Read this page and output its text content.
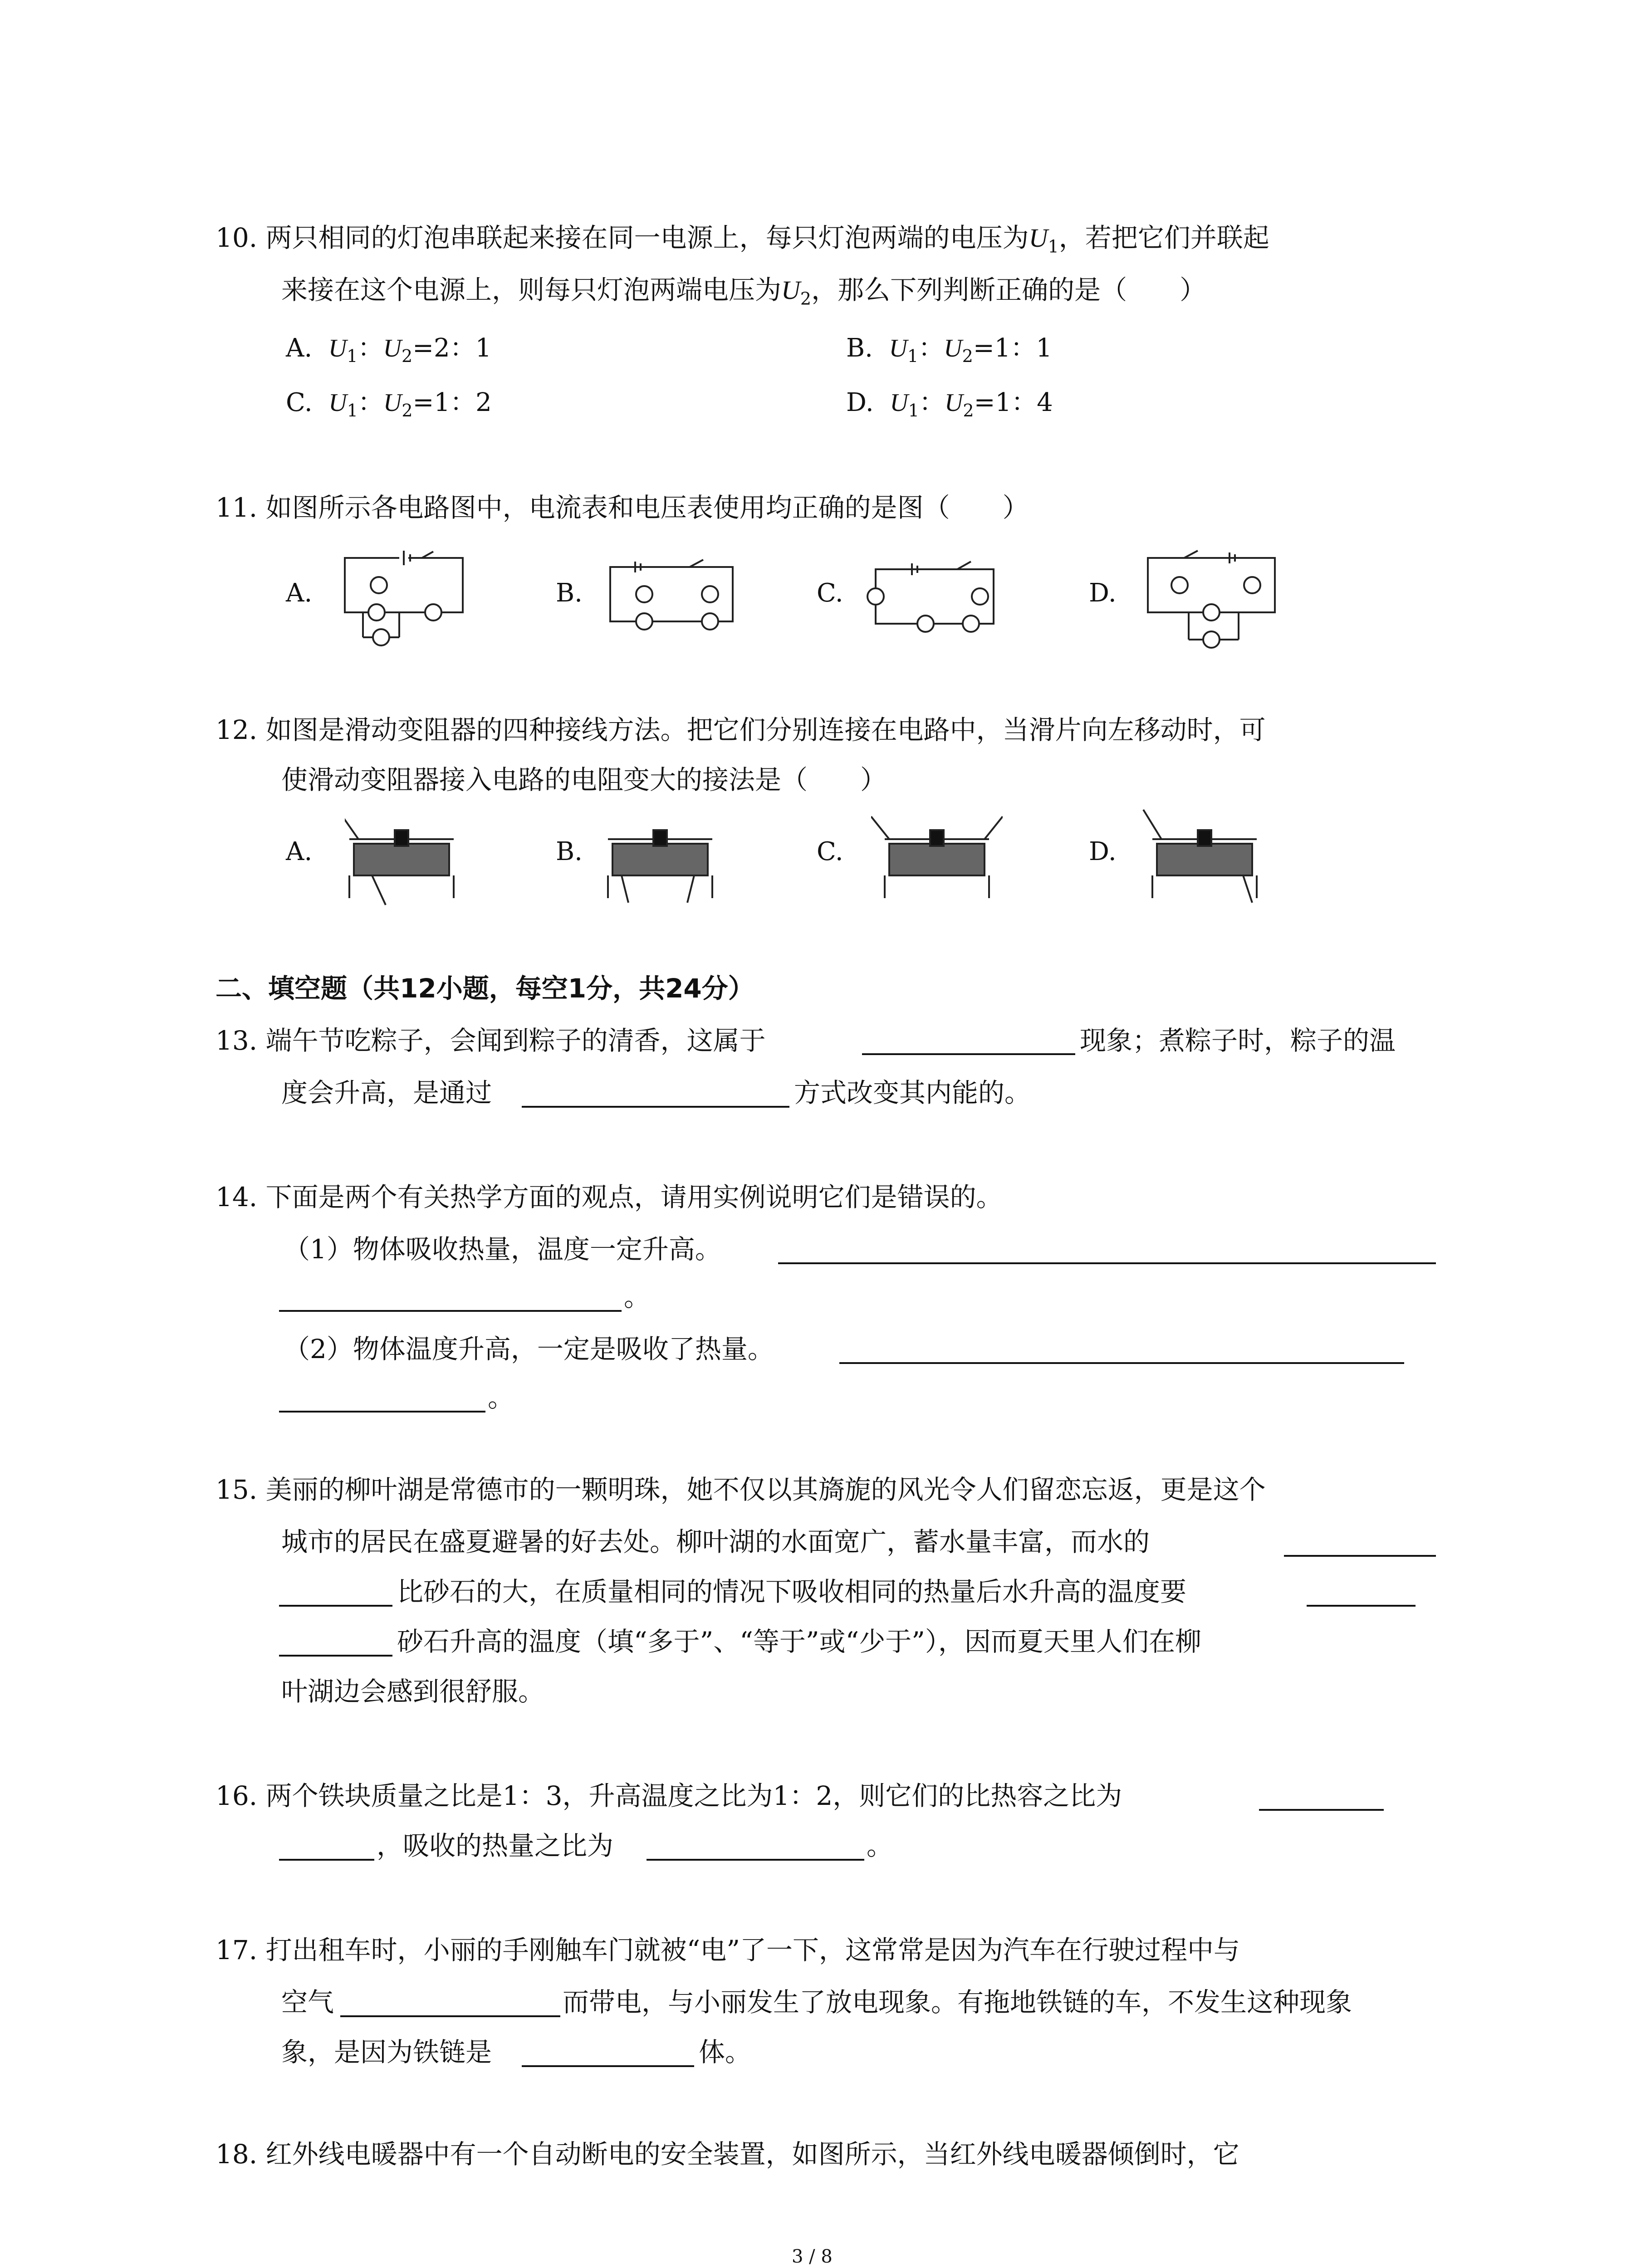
10. 两只相同的灯泡串联起来接在同一电源上，每只灯泡两端的电压为$U_1$，若把它们并联起
来接在这个电源上，则每只灯泡两端电压为$U_2$，那么下列判断正确的是（　　）
A.  $U_1$：$U_2=2$：1	B.  $U_1$：$U_2=1$：1
C.  $U_1$：$U_2=1$：2	D.  $U_1$：$U_2=1$：4
11. 如图所示各电路图中，电流表和电压表使用均正确的是图（　　）
A.	B.	C.	D.
12. 如图是滑动变阻器的四种接线方法。把它们分别连接在电路中，当滑片向左移动时，可
使滑动变阻器接入电路的电阻变大的接法是（　　）
A.	B.	C.	D.
二、填空题（共12小题，每空1分，共24分）
13. 端午节吃粽子，会闻到粽子的清香，这属于	现象；煮粽子时，粽子的温
度会升高，是通过	方式改变其内能的。
14. 下面是两个有关热学方面的观点，请用实例说明它们是错误的。
（1）物体吸收热量，温度一定升高。
。
（2）物体温度升高，一定是吸收了热量。
。
15. 美丽的柳叶湖是常德市的一颗明珠，她不仅以其旖旎的风光令人们留恋忘返，更是这个
城市的居民在盛夏避暑的好去处。柳叶湖的水面宽广，蓄水量丰富，而水的
比砂石的大，在质量相同的情况下吸收相同的热量后水升高的温度要
砂石升高的温度（填“多于”、“等于”或“少于”），因而夏天里人们在柳
叶湖边会感到很舒服。
16. 两个铁块质量之比是1：3，升高温度之比为1：2，则它们的比热容之比为
，吸收的热量之比为	。
17. 打出租车时，小丽的手刚触车门就被“电”了一下，这常常是因为汽车在行驶过程中与
空气	而带电，与小丽发生了放电现象。有拖地铁链的车，不发生这种现象
象，是因为铁链是	体。
18. 红外线电暖器中有一个自动断电的安全装置，如图所示，当红外线电暖器倾倒时，它
3 / 8
